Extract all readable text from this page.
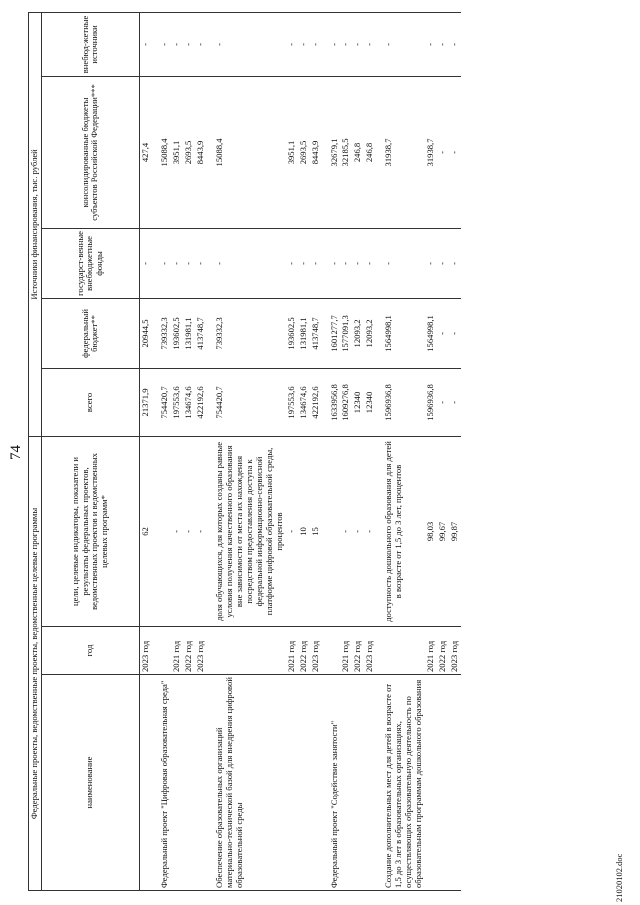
74
Федеральные проекты, ведомственные проекты, ведомственные целевые программы			Источники финансирования, тыс. рублей				
наименование	год	цели, целевые индикаторы, показатели и результаты федеральных проектов, ведомственных проектов и ведомственных целевых программ*	всего	федеральный бюджет**	государст-венные внебюджетные фонды	консолидированные бюджеты субъектов Российской Федерации***	внебюд-жетные источники
	2023 год	62	21371,9	20944,5	-	427,4	-
Федеральный проект "Цифровая образовательная среда"			754420,7	739332,3	-	15088,4	-
	2021 год	-	197553,6	193602,5	-	3951,1	-
	2022 год	-	134674,6	131981,1	-	2693,5	-
	2023 год	-	422192,6	413748,7	-	8443,9	-
Обеспечение образовательных организаций материально-технической базой для внедрения цифровой образовательной среды		доля обучающихся, для которых созданы равные условия получения качественного образования вне зависимости от места их нахождения посредством предоставления доступа к федеральной информационно-сервисной платформе цифровой образовательной среды, процентов	754420,7	739332,3	-	15088,4	-
	2021 год	-	197553,6	193602,5	-	3951,1	-
	2022 год	10	134674,6	131981,1	-	2693,5	-
	2023 год	15	422192,6	413748,7	-	8443,9	-
Федеральный проект "Содействие занятости"			1633956,8	1601277,7	-	32679,1	-
	2021 год	-	1609276,8	1577091,3	-	32185,5	-
	2022 год	-	12340	12093,2	-	246,8	-
	2023 год	-	12340	12093,2	-	246,8	-
Создание дополнительных мест для детей в возрасте от 1,5 до 3 лет в образовательных организациях, осуществляющих образовательную деятельность по образовательным программам дошкольного образования		доступность дошкольного образования для детей в возрасте от 1,5 до 3 лет, процентов	1596936,8	1564998,1	-	31938,7	-
	2021 год	98,03	1596936,8	1564998,1	-	31938,7	-
	2022 год	99,67	-	-	-	-	-
	2023 год	99,87	-	-	-	-	-
21020102.doc
